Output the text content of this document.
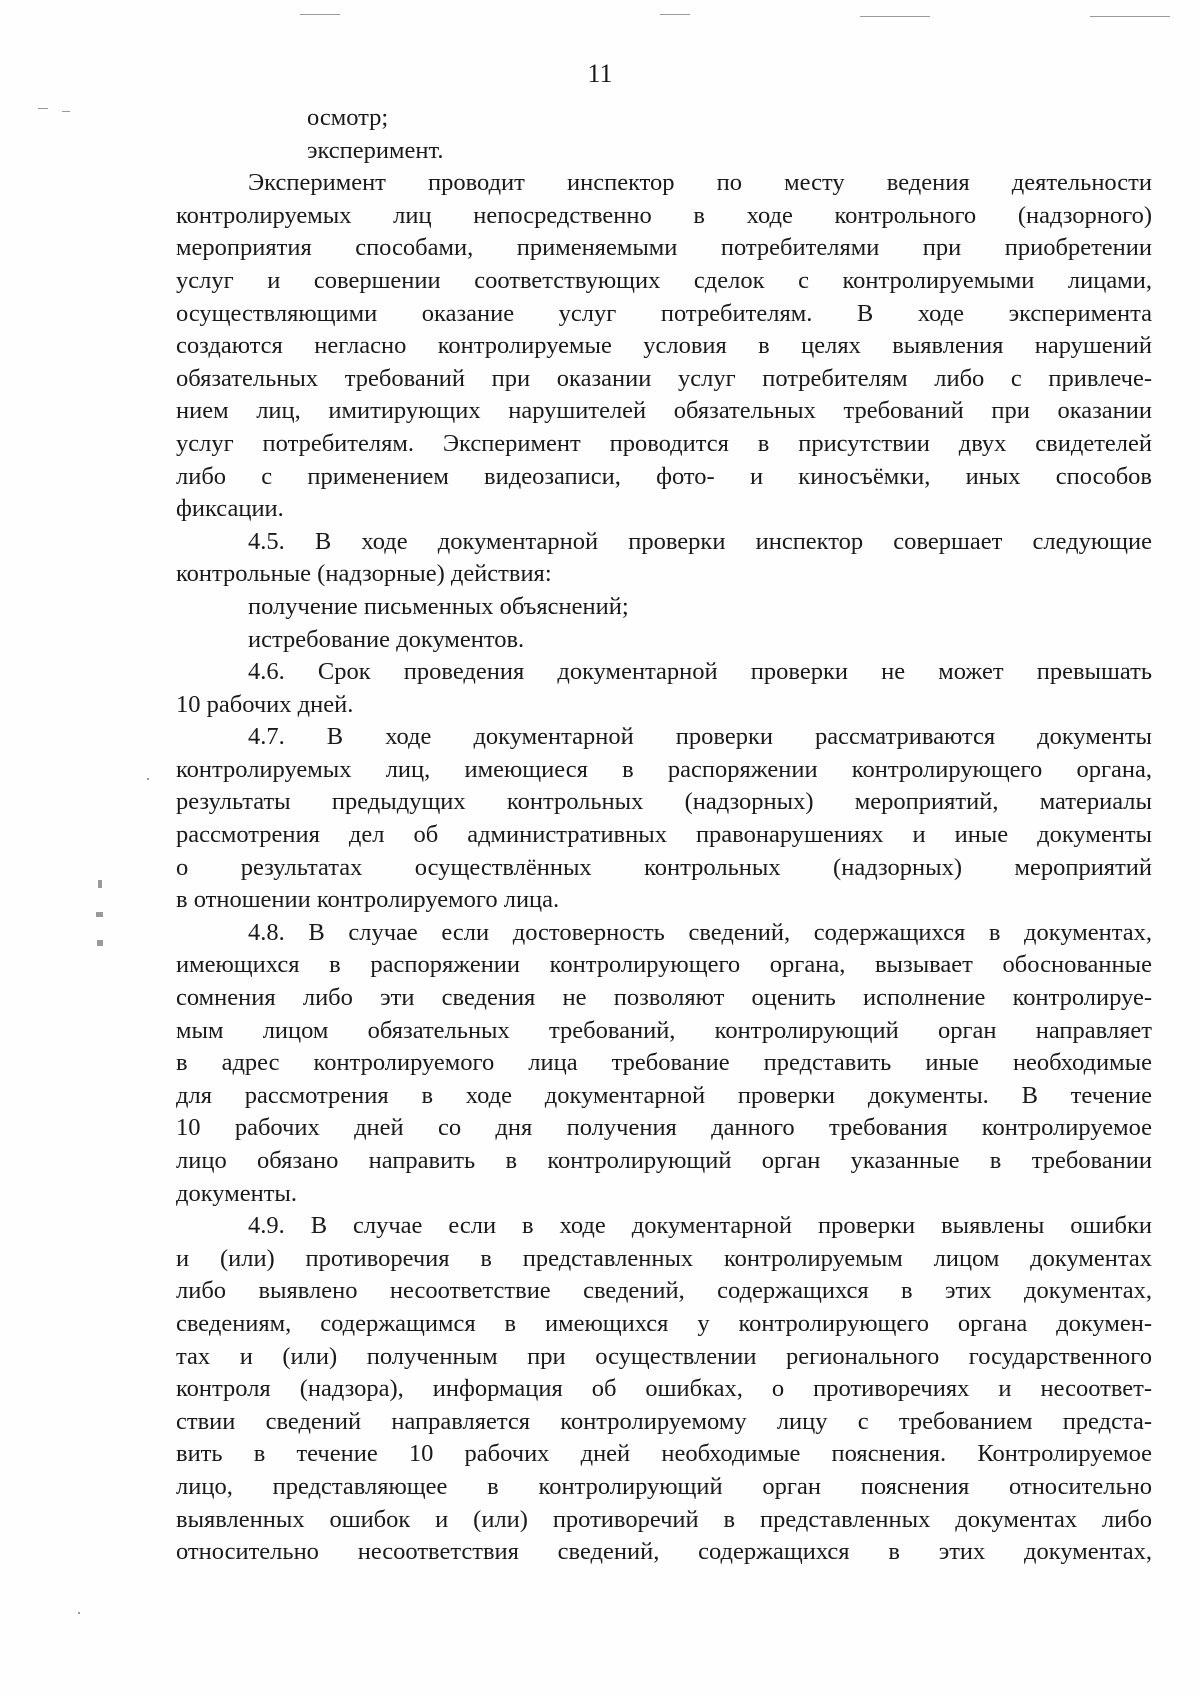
11
осмотр;
эксперимент.
Эксперимент проводит инспектор по месту ведения деятельности
контролируемых лиц непосредственно в ходе контрольного (надзорного)
мероприятия способами, применяемыми потребителями при приобретении
услуг и совершении соответствующих сделок с контролируемыми лицами,
осуществляющими оказание услуг потребителям. В ходе эксперимента
создаются негласно контролируемые условия в целях выявления нарушений
обязательных требований при оказании услуг потребителям либо с привлече-
нием лиц, имитирующих нарушителей обязательных требований при оказании
услуг потребителям. Эксперимент проводится в присутствии двух свидетелей
либо с применением видеозаписи, фото- и киносъёмки, иных способов
фиксации.
4.5. В ходе документарной проверки инспектор совершает следующие
контрольные (надзорные) действия:
получение письменных объяснений;
истребование документов.
4.6. Срок проведения документарной проверки не может превышать
10 рабочих дней.
4.7. В ходе документарной проверки рассматриваются документы
контролируемых лиц, имеющиеся в распоряжении контролирующего органа,
результаты предыдущих контрольных (надзорных) мероприятий, материалы
рассмотрения дел об административных правонарушениях и иные документы
о результатах осуществлённых контрольных (надзорных) мероприятий
в отношении контролируемого лица.
4.8. В случае если достоверность сведений, содержащихся в документах,
имеющихся в распоряжении контролирующего органа, вызывает обоснованные
сомнения либо эти сведения не позволяют оценить исполнение контролируе-
мым лицом обязательных требований, контролирующий орган направляет
в адрес контролируемого лица требование представить иные необходимые
для рассмотрения в ходе документарной проверки документы. В течение
10 рабочих дней со дня получения данного требования контролируемое
лицо обязано направить в контролирующий орган указанные в требовании
документы.
4.9. В случае если в ходе документарной проверки выявлены ошибки
и (или) противоречия в представленных контролируемым лицом документах
либо выявлено несоответствие сведений, содержащихся в этих документах,
сведениям, содержащимся в имеющихся у контролирующего органа докумен-
тах и (или) полученным при осуществлении регионального государственного
контроля (надзора), информация об ошибках, о противоречиях и несоответ-
ствии сведений направляется контролируемому лицу с требованием предста-
вить в течение 10 рабочих дней необходимые пояснения. Контролируемое
лицо, представляющее в контролирующий орган пояснения относительно
выявленных ошибок и (или) противоречий в представленных документах либо
относительно несоответствия сведений, содержащихся в этих документах,
